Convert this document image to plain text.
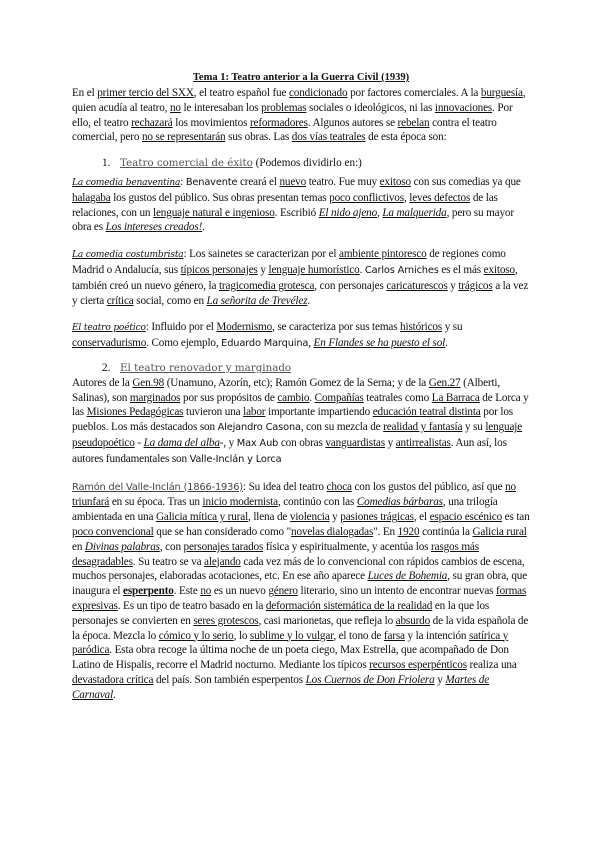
Tema 1: Teatro anterior a la Guerra Civil (1939)

En el primer tercio del SXX, el teatro español fue condicionado por factores comerciales. A la burguesía, quien acudía al teatro, no le interesaban los problemas sociales o ideológicos, ni las innovaciones. Por ello, el teatro rechazará los movimientos reformadores. Algunos autores se rebelan contra el teatro comercial, pero no se representarán sus obras. Las dos vías teatrales de esta época son:

1. Teatro comercial de éxito (Podemos dividirlo en:)

La comedia benaventina: Benavente creará el nuevo teatro. Fue muy exitoso con sus comedias ya que halagaba los gustos del público. Sus obras presentan temas poco conflictivos, leves defectos de las relaciones, con un lenguaje natural e ingenioso. Escribió El nido ajeno, La malquerida, pero su mayor obra es Los intereses creados!.

La comedia costumbrista: Los sainetes se caracterizan por el ambiente pintoresco de regiones como Madrid o Andalucía, sus típicos personajes y lenguaje humorístico. Carlos Arniches es el más exitoso, también creó un nuevo género, la tragicomedia grotesca, con personajes caricaturescos y trágicos a la vez y cierta crítica social, como en La señorita de Trevélez.

El teatro poético: Influido por el Modernismo, se caracteriza por sus temas históricos y su conservadurismo. Como ejemplo, Eduardo Marquina, En Flandes se ha puesto el sol.

2. El teatro renovador y marginado

Autores de la Gen.98 (Unamuno, Azorín, etc); Ramón Gomez de la Serna; y de la Gen.27 (Alberti, Salinas), son marginados por sus propósitos de cambio. Compañías teatrales como La Barraca de Lorca y las Misiones Pedagógicas tuvieron una labor importante impartiendo educación teatral distinta por los pueblos. Los más destacados son Alejandro Casona, con su mezcla de realidad y fantasía y su lenguaje pseudopoético - La dama del alba-, y Max Aub con obras vanguardistas y antirrealistas. Aun así, los autores fundamentales son Valle-Inclán y Lorca

Ramón del Valle-Inclán (1866-1936): Su idea del teatro choca con los gustos del público, así que no triunfará en su época. Tras un inicio modernista, continúo con las Comedias bárbaras, una trilogía ambientada en una Galicia mítica y rural, llena de violencia y pasiones trágicas, el espacio escénico es tan poco convencional que se han considerado como "novelas dialogadas". En 1920 continúa la Galicia rural en Divinas palabras, con personajes tarados física y espiritualmente, y acentúa los rasgos más desagradables. Su teatro se va alejando cada vez más de lo convencional con rápidos cambios de escena, muchos personajes, elaboradas acotaciones, etc. En ese año aparece Luces de Bohemia, su gran obra, que inaugura el esperpento. Este no es un nuevo género literario, sino un intento de encontrar nuevas formas expresivas. Es un tipo de teatro basado en la deformación sistemática de la realidad en la que los personajes se convierten en seres grotescos, casi marionetas, que refleja lo absurdo de la vida española de la época. Mezcla lo cómico y lo serio, lo sublime y lo vulgar, el tono de farsa y la intención satírica y paródica. Esta obra recoge la última noche de un poeta ciego, Max Estrella, que acompañado de Don Latino de Hispalis, recorre el Madrid nocturno. Mediante los típicos recursos esperpénticos realiza una devastadora crítica del país. Son también esperpentos Los Cuernos de Don Friolera y Martes de Carnaval.
